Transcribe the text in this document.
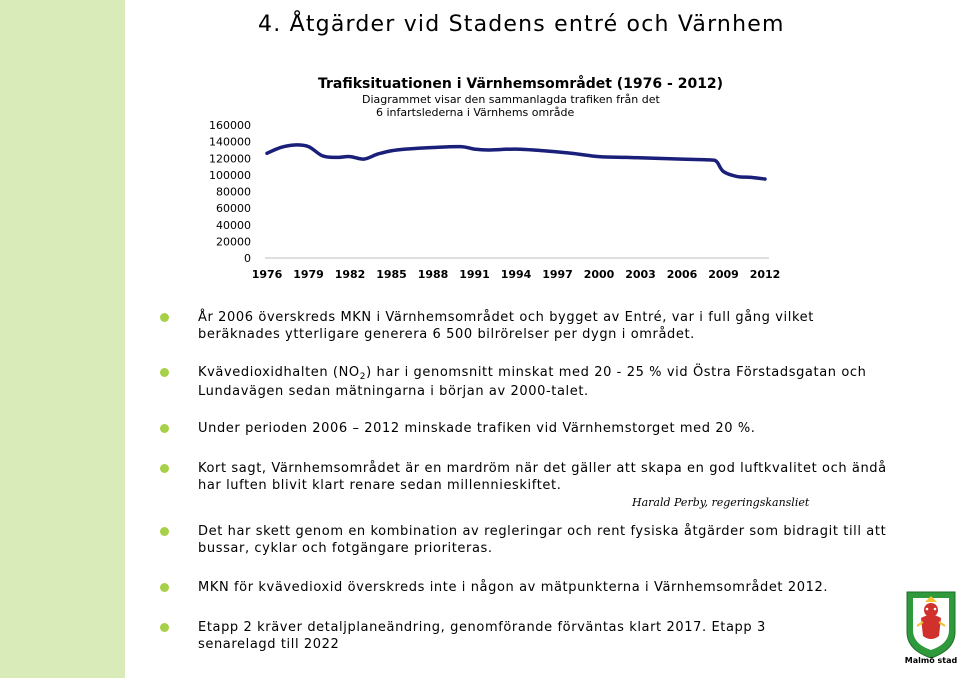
4. Åtgärder vid Stadens entré och Värnhem
160000
140000
120000
100000
80000
60000
40000
20000
0
1976 1979 1982 1985 1988 1991 1994 1997 2000 2003 2006 2009 2012
Trafiksituationen i Värnhemsområdet (1976 - 2012)
Diagrammet visar den sammanlagda trafiken från det
6 infartslederna i Värnhems område
År 2006 överskreds MKN i Värnhemsområdet och bygget av Entré, var i full gång vilket beräknades ytterligare generera 6 500 bilrörelser per dygn i området.
Kvävedioxidhalten $(NO_2)$ har i genomsnitt minskat med 20 - 25 % vid Östra Förstadsgatan och Lundavägen sedan mätningarna i början av 2000-talet.
Under perioden 2006 – 2012 minskade trafiken vid Värnhemstorget med 20 %.
Kort sagt, Värnhemsområdet är en mardröm när det gäller att skapa en god luftkvalitet och ändå har luften blivit klart renare sedan millennieskiftet.
Det har skett genom en kombination av regleringar och rent fysiska åtgärder som bidragit till att bussar, cyklar och fotgängare prioriteras.
MKN för kvävedioxid överskreds inte i någon av mätpunkterna i Värnhemsområdet 2012.
Etapp 2 kräver detaljplaneändring, genomförande förväntas klart 2017. Etapp 3 senarelagd till 2022
Harald Perby, regeringskansliet
Malmö stad
